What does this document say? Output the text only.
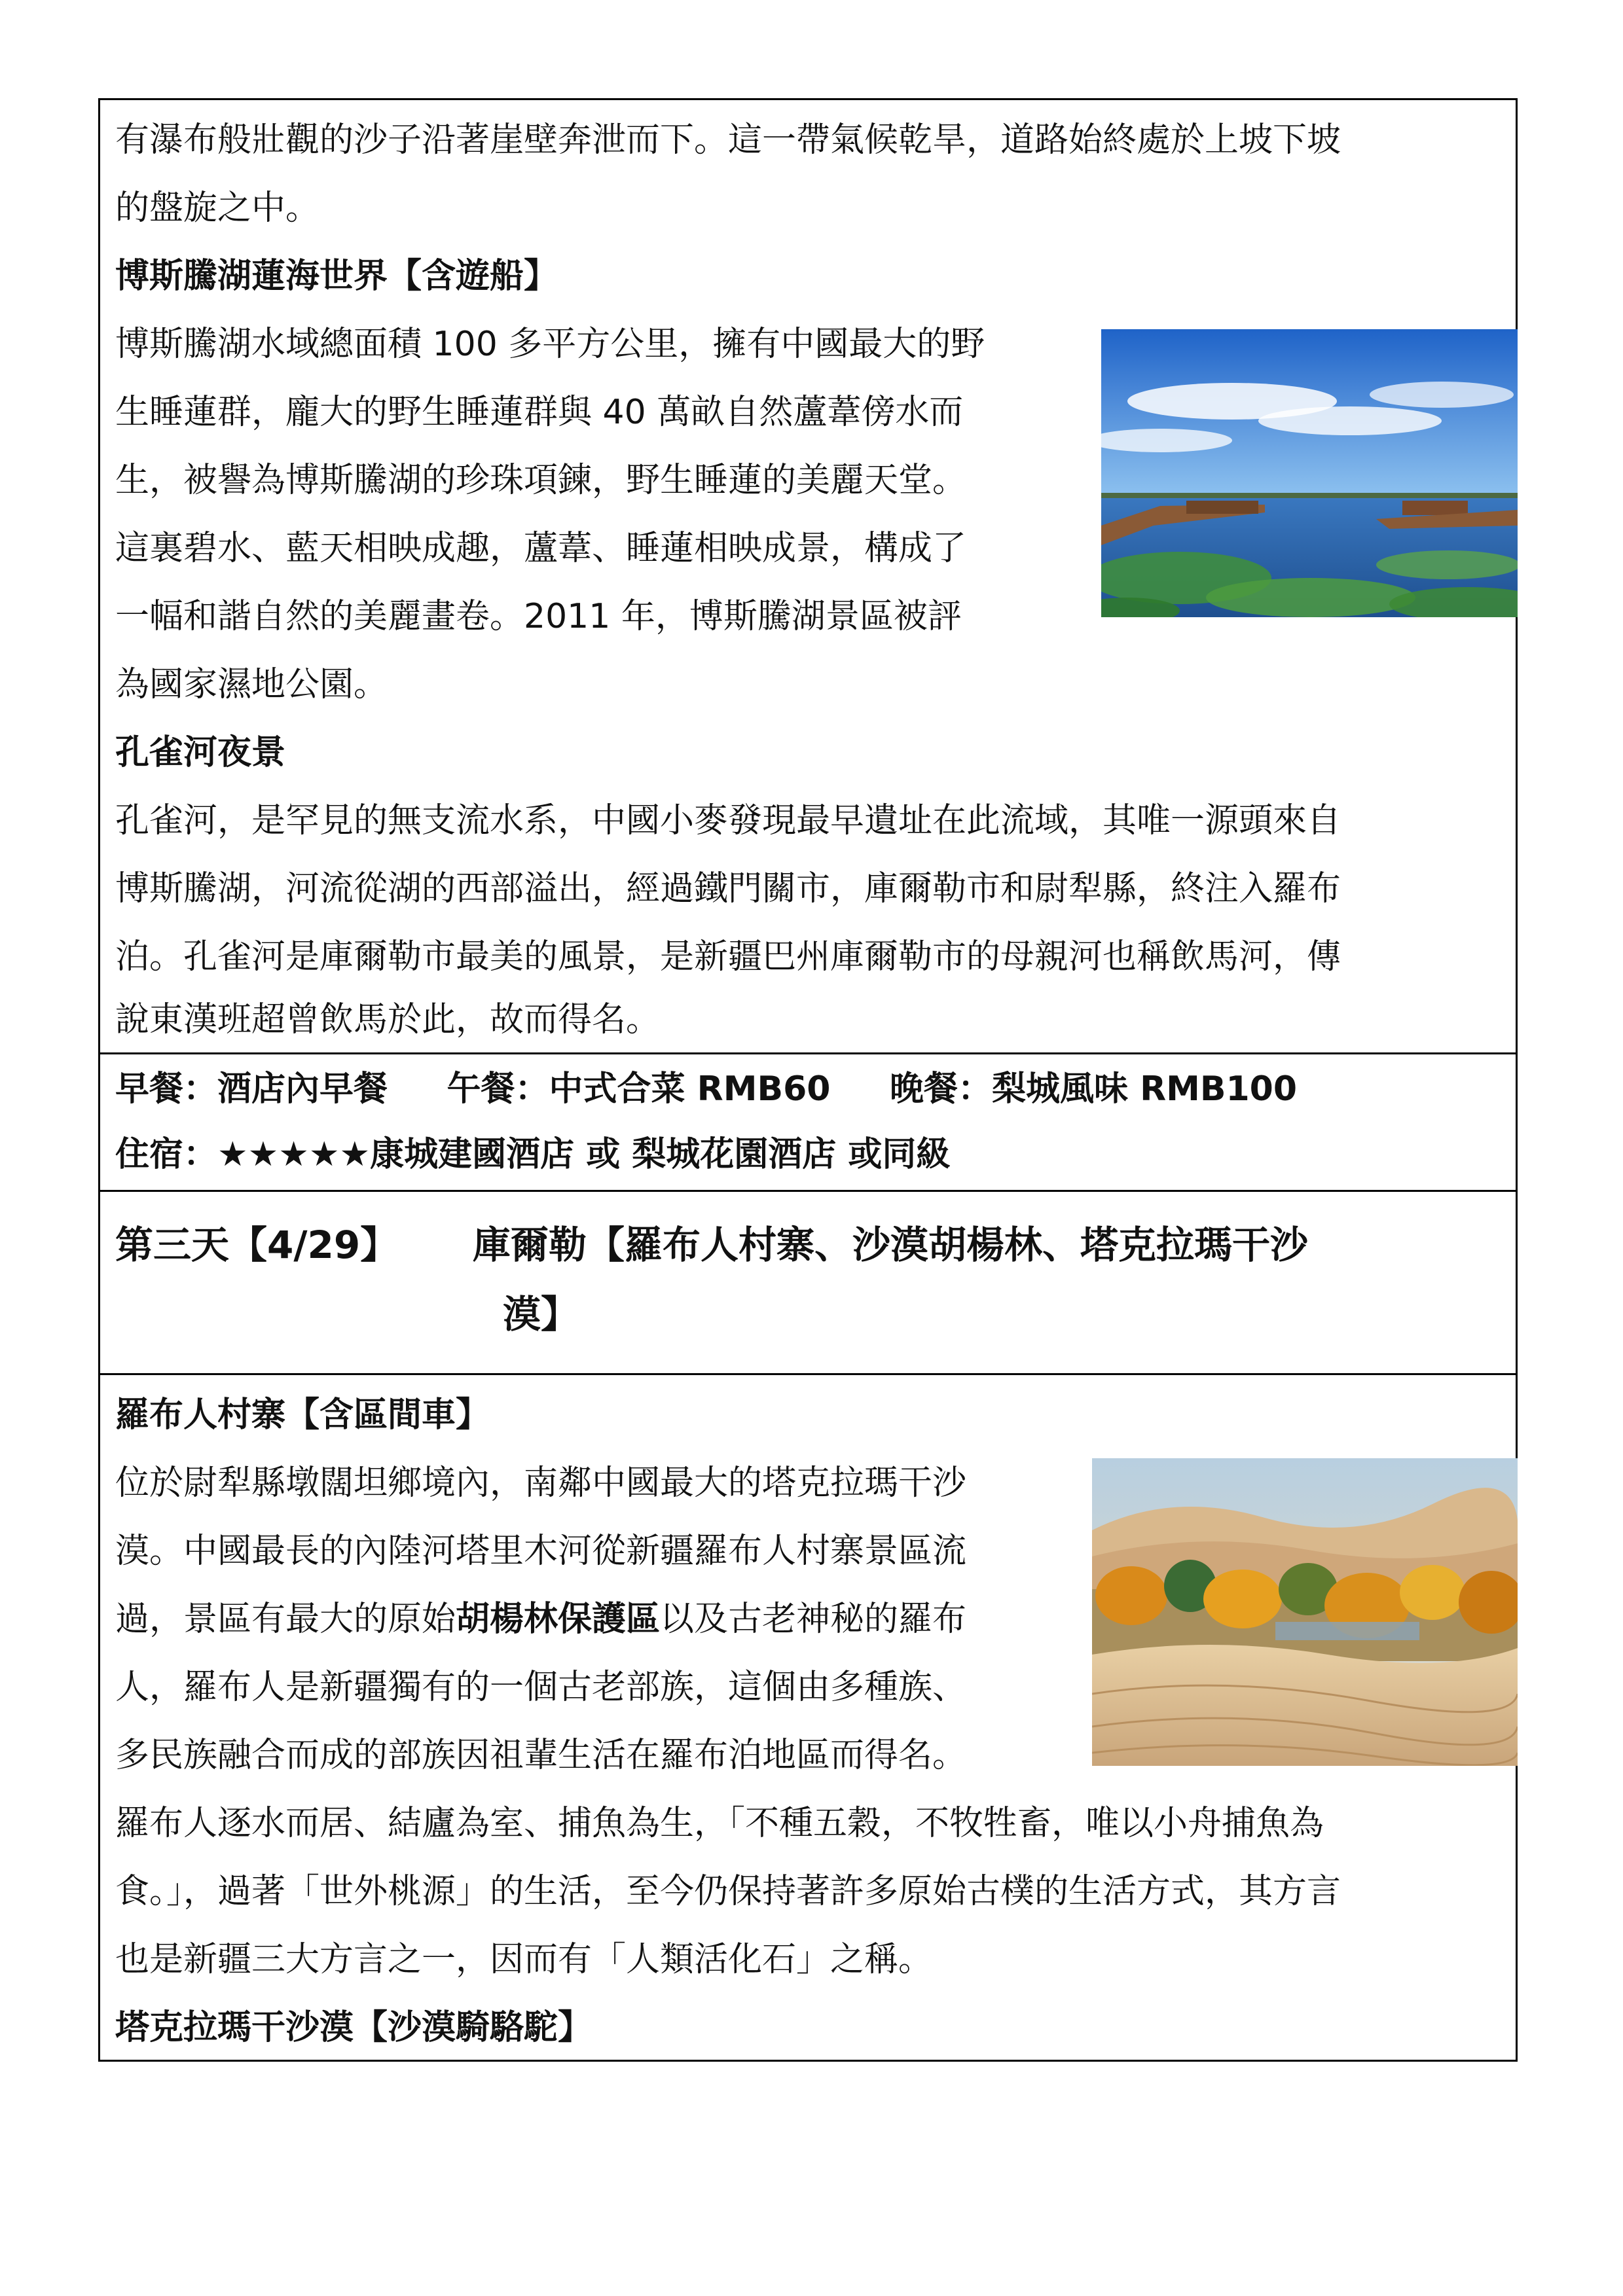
有瀑布般壯觀的沙子沿著崖壁奔泄而下。這一帶氣候乾旱，道路始終處於上坡下坡

的盤旋之中。

博斯騰湖蓮海世界【含遊船】

博斯騰湖水域總面積 100 多平方公里，擁有中國最大的野

生睡蓮群，龐大的野生睡蓮群與 40 萬畝自然蘆葦傍水而

生，被譽為博斯騰湖的珍珠項鍊，野生睡蓮的美麗天堂。

這裏碧水、藍天相映成趣，蘆葦、睡蓮相映成景，構成了

一幅和諧自然的美麗畫卷。2011 年，博斯騰湖景區被評

為國家濕地公園。

孔雀河夜景

孔雀河，是罕見的無支流水系，中國小麥發現最早遺址在此流域，其唯一源頭來自

博斯騰湖，河流從湖的西部溢出，經過鐵門關市，庫爾勒市和尉犁縣，終注入羅布

泊。孔雀河是庫爾勒市最美的風景，是新疆巴州庫爾勒市的母親河也稱飲馬河，傳

說東漢班超曾飲馬於此，故而得名。

早餐：酒店內早餐 午餐：中式合菜 RMB60 晚餐：梨城風味 RMB100

住宿：★★★★★康城建國酒店 或 梨城花園酒店 或同級

第三天【4/29】 庫爾勒【羅布人村寨、沙漠胡楊林、塔克拉瑪干沙
漠】

羅布人村寨【含區間車】

位於尉犁縣墩闊坦鄉境內，南鄰中國最大的塔克拉瑪干沙

漠。中國最長的內陸河塔里木河從新疆羅布人村寨景區流

過，景區有最大的原始胡楊林保護區以及古老神秘的羅布

人，羅布人是新疆獨有的一個古老部族，這個由多種族、

多民族融合而成的部族因祖輩生活在羅布泊地區而得名。

羅布人逐水而居、結廬為室、捕魚為生，「不種五穀，不牧牲畜，唯以小舟捕魚為

食。」，過著「世外桃源」的生活，至今仍保持著許多原始古樸的生活方式，其方言

也是新疆三大方言之一，因而有「人類活化石」之稱。

塔克拉瑪干沙漠【沙漠騎駱駝】
